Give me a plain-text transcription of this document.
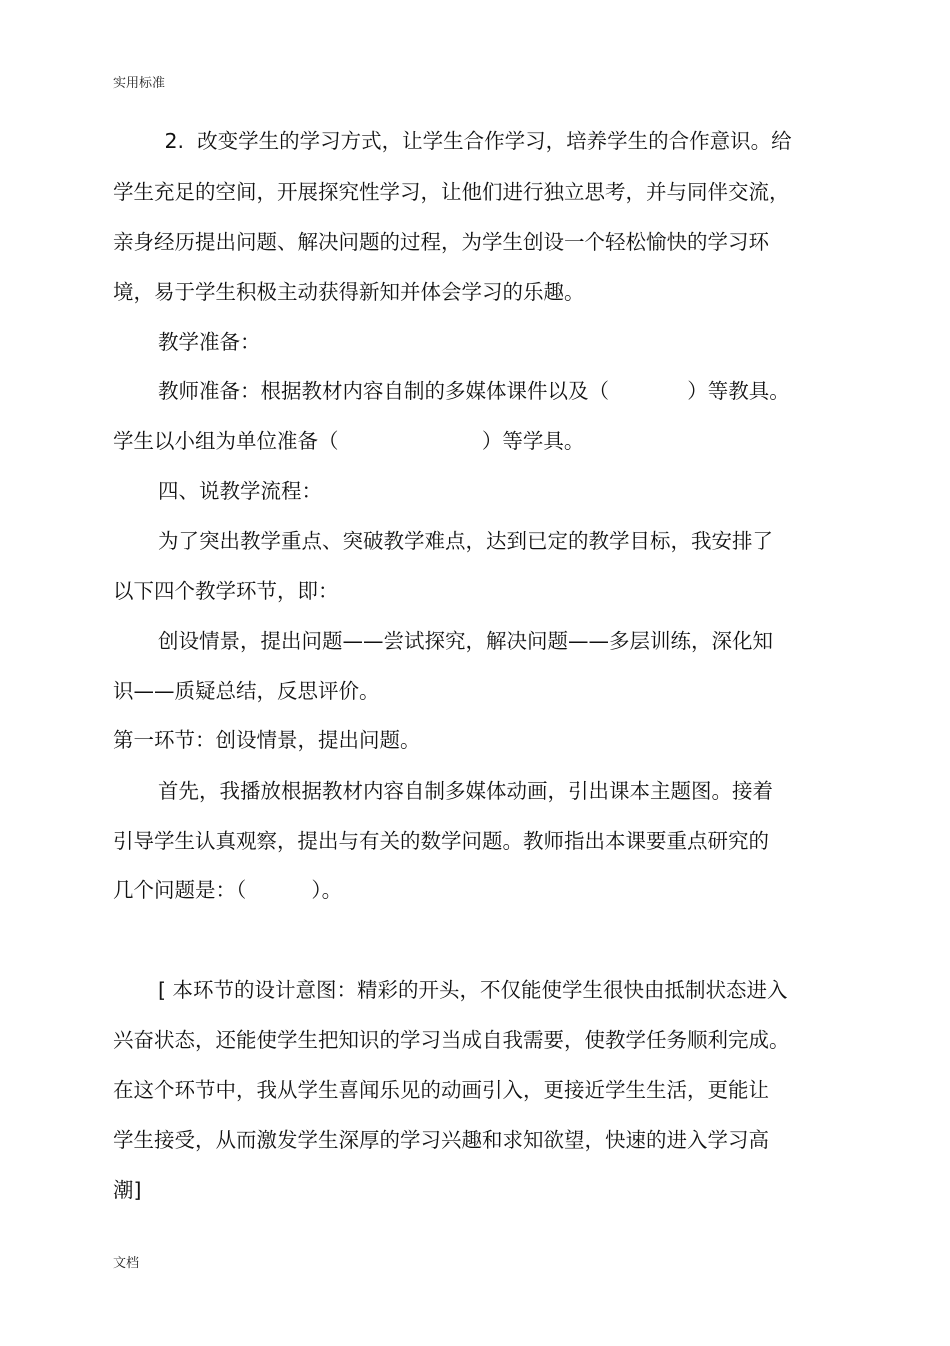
实用标准
2.  改变学生的学习方式，让学生合作学习，培养学生的合作意识。给
学生充足的空间，开展探究性学习，让他们进行独立思考，并与同伴交流，
亲身经历提出问题、解决问题的过程，为学生创设一个轻松愉快的学习环
境，易于学生积极主动获得新知并体会学习的乐趣。
教学准备：
教师准备：根据教材内容自制的多媒体课件以及（            ）等教具。
学生以小组为单位准备（                      ）等学具。
四、说教学流程：
为了突出教学重点、突破教学难点，达到已定的教学目标，我安排了
以下四个教学环节，即：
创设情景，提出问题——尝试探究，解决问题——多层训练，深化知
识——质疑总结，反思评价。
第一环节：创设情景，提出问题。
首先，我播放根据教材内容自制多媒体动画，引出课本主题图。接着
引导学生认真观察，提出与有关的数学问题。教师指出本课要重点研究的
几个问题是：（          ）。
[ 本环节的设计意图：精彩的开头，不仅能使学生很快由抵制状态进入
兴奋状态，还能使学生把知识的学习当成自我需要，使教学任务顺利完成。
在这个环节中，我从学生喜闻乐见的动画引入，更接近学生生活，更能让
学生接受，从而激发学生深厚的学习兴趣和求知欲望，快速的进入学习高
潮]
文档
